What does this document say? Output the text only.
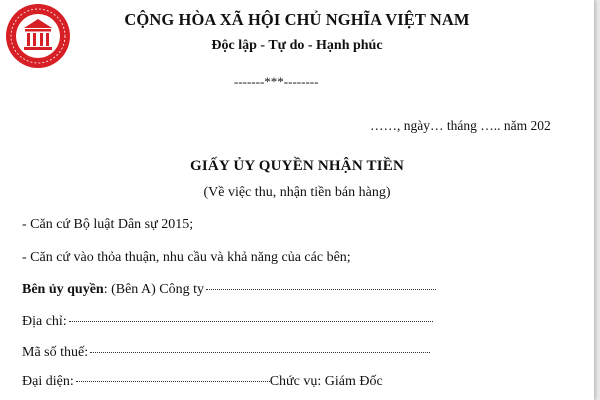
CỘNG HÒA XÃ HỘI CHỦ NGHĨA VIỆT NAM
Độc lập - Tự do - Hạnh phúc
-------***--------
……, ngày… tháng ….. năm 202
GIẤY ỦY QUYỀN NHẬN TIỀN
(Về việc thu, nhận tiền bán hàng)
- Căn cứ Bộ luật Dân sự 2015;
- Căn cứ vào thỏa thuận, nhu cầu và khả năng của các bên;
Bên ủy quyền : (Bên A) Công ty
Địa chỉ:
Mã số thuế:
Đại diện:	Chức vụ: Giám Đốc
